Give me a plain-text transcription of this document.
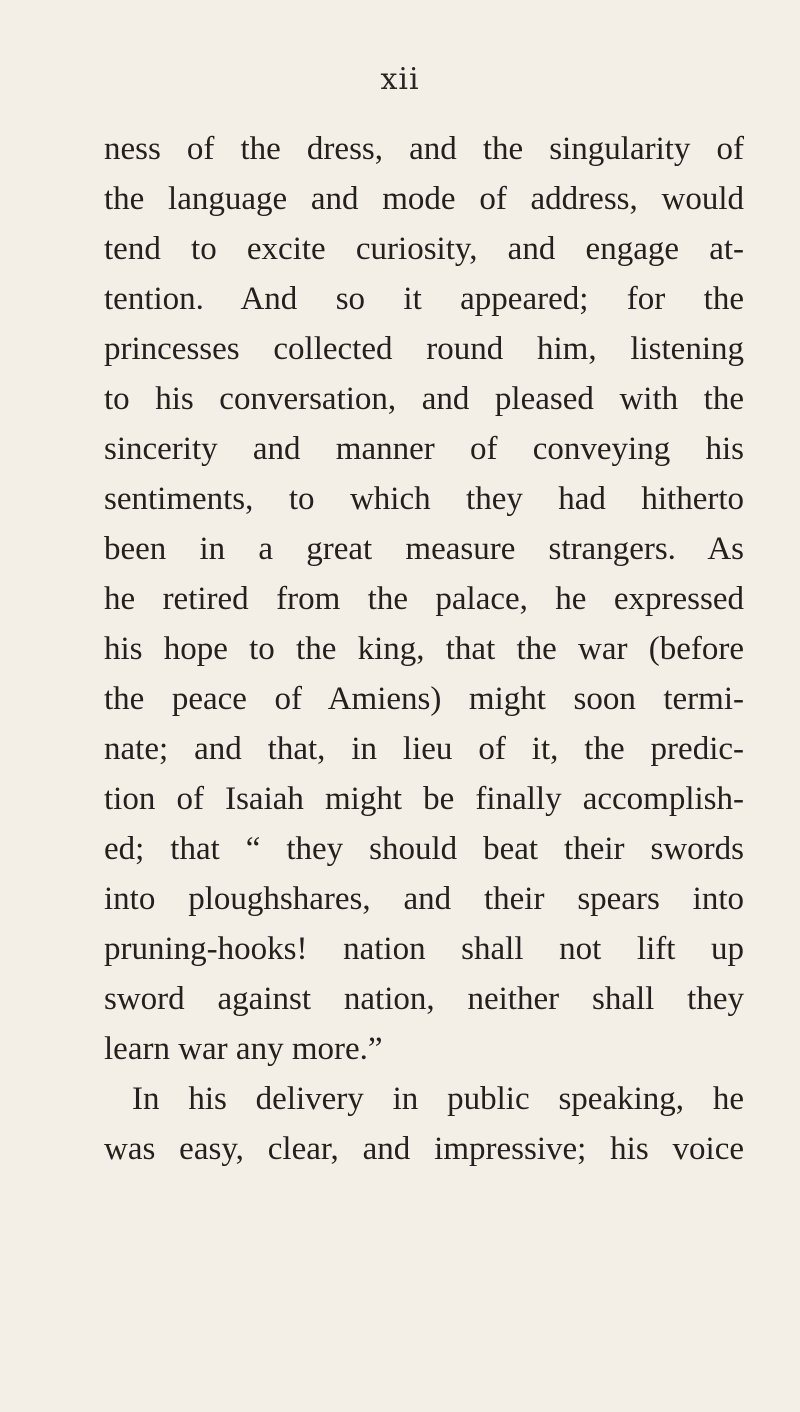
xii
ness of the dress, and the singularity of
the language and mode of address, would
tend to excite curiosity, and engage at-
tention. And so it appeared; for the
princesses collected round him, listening
to his conversation, and pleased with the
sincerity and manner of conveying his
sentiments, to which they had hitherto
been in a great measure strangers. As
he retired from the palace, he expressed
his hope to the king, that the war (before
the peace of Amiens) might soon termi-
nate; and that, in lieu of it, the predic-
tion of Isaiah might be finally accomplish-
ed; that “ they should beat their swords
into ploughshares, and their spears into
pruning-hooks! nation shall not lift up
sword against nation, neither shall they
learn war any more.”
In his delivery in public speaking, he
was easy, clear, and impressive; his voice
